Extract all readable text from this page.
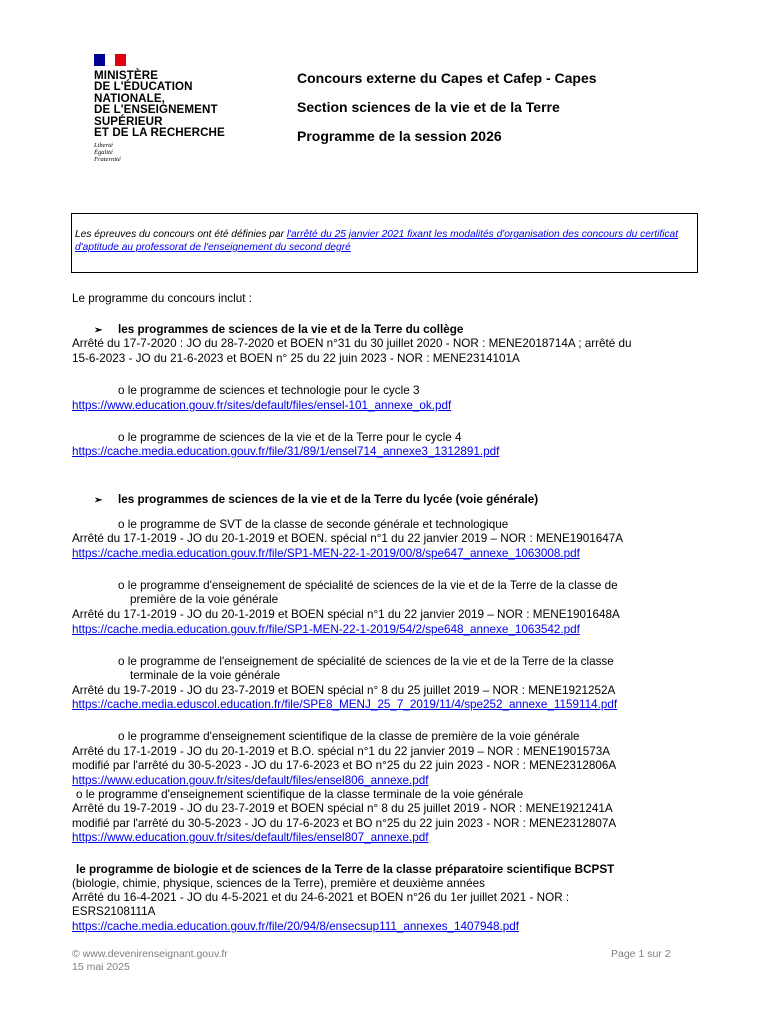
MINISTÈRE
DE L'ÉDUCATION
NATIONALE,
DE L'ENSEIGNEMENT
SUPÉRIEUR
ET DE LA RECHERCHE
Liberté
Égalité
Fraternité
Concours externe du Capes et Cafep - Capes
Section sciences de la vie et de la Terre
Programme de la session 2026

Les épreuves du concours ont été définies par l'arrêté du 25 janvier 2021 fixant les modalités d'organisation des concours du certificat d'aptitude au professorat de l'enseignement du second degré

Le programme du concours inclut :
➢ les programmes de sciences de la vie et de la Terre du collège
Arrêté du 17-7-2020 : JO du 28-7-2020 et BOEN n°31 du 30 juillet 2020 - NOR : MENE2018714A ; arrêté du
15-6-2023 - JO du 21-6-2023 et BOEN n° 25 du 22 juin 2023 - NOR : MENE2314101A
o le programme de sciences et technologie pour le cycle 3
https://www.education.gouv.fr/sites/default/files/ensel-101_annexe_ok.pdf
o le programme de sciences de la vie et de la Terre pour le cycle 4
https://cache.media.education.gouv.fr/file/31/89/1/ensel714_annexe3_1312891.pdf
➢ les programmes de sciences de la vie et de la Terre du lycée (voie générale)
o le programme de SVT de la classe de seconde générale et technologique
Arrêté du 17-1-2019 - JO du 20-1-2019 et BOEN. spécial n°1 du 22 janvier 2019 – NOR : MENE1901647A
https://cache.media.education.gouv.fr/file/SP1-MEN-22-1-2019/00/8/spe647_annexe_1063008.pdf
o le programme d'enseignement de spécialité de sciences de la vie et de la Terre de la classe de
première de la voie générale
Arrêté du 17-1-2019 - JO du 20-1-2019 et BOEN spécial n°1 du 22 janvier 2019 – NOR : MENE1901648A
https://cache.media.education.gouv.fr/file/SP1-MEN-22-1-2019/54/2/spe648_annexe_1063542.pdf
o le programme de l'enseignement de spécialité de sciences de la vie et de la Terre de la classe
terminale de la voie générale
Arrêté du 19-7-2019 - JO du 23-7-2019 et BOEN spécial n° 8 du 25 juillet 2019 – NOR : MENE1921252A
https://cache.media.eduscol.education.fr/file/SPE8_MENJ_25_7_2019/11/4/spe252_annexe_1159114.pdf
o le programme d'enseignement scientifique de la classe de première de la voie générale
Arrêté du 17-1-2019 - JO du 20-1-2019 et B.O. spécial n°1 du 22 janvier 2019 – NOR : MENE1901573A
modifié par l'arrêté du 30-5-2023 - JO du 17-6-2023 et BO n°25 du 22 juin 2023 - NOR : MENE2312806A
https://www.education.gouv.fr/sites/default/files/ensel806_annexe.pdf
o le programme d'enseignement scientifique de la classe terminale de la voie générale
Arrêté du 19-7-2019 - JO du 23-7-2019 et BOEN spécial n° 8 du 25 juillet 2019 - NOR : MENE1921241A
modifié par l'arrêté du 30-5-2023 - JO du 17-6-2023 et BO n°25 du 22 juin 2023 - NOR : MENE2312807A
https://www.education.gouv.fr/sites/default/files/ensel807_annexe.pdf
le programme de biologie et de sciences de la Terre de la classe préparatoire scientifique BCPST
(biologie, chimie, physique, sciences de la Terre), première et deuxième années
Arrêté du 16-4-2021 - JO du 4-5-2021 et du 24-6-2021 et BOEN n°26 du 1er juillet 2021 - NOR :
ESRS2108111A
https://cache.media.education.gouv.fr/file/20/94/8/ensecsup111_annexes_1407948.pdf
© www.devenirenseignant.gouv.fr
15 mai 2025
Page 1 sur 2
